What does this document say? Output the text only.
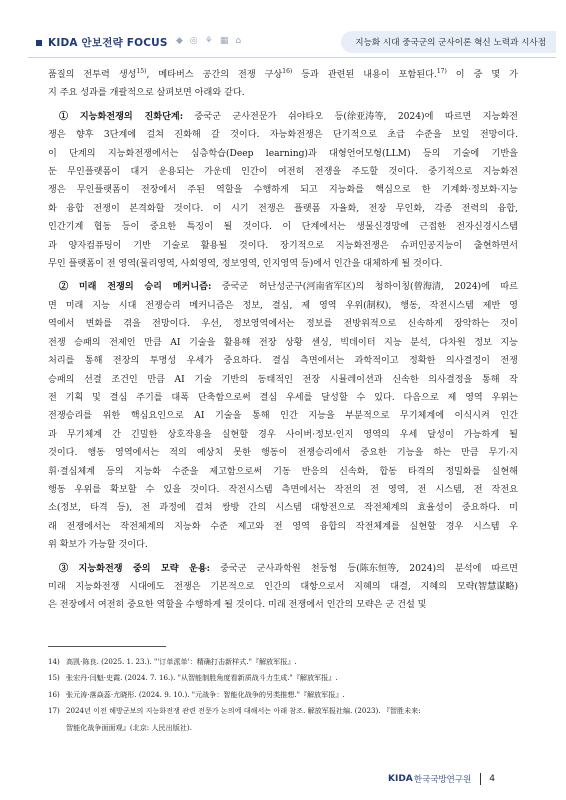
KIDA 안보전략 FOCUS ◆ ◎ ⚘ ▦ ⌂	지능화 시대 중국군의 군사이론 혁신 노력과 시사점
품질의 전투력 생성$^{15)}$, 메타버스 공간의 전쟁 구상$^{16)}$ 등과 관련된 내용이 포함된다.$^{17)}$ 이 중 몇 가
지 주요 성과를 개괄적으로 살펴보면 아래와 같다.
① 지능화전쟁의 진화단계: 중국군 군사전문가 쉬야타오 등(徐亚涛等, 2024)에 따르면 지능화전
쟁은 향후 3단계에 걸쳐 진화해 갈 것이다. 자능화전쟁은 단기적으로 초급 수준을 보일 전망이다.
이 단계의 지능화전쟁에서는 심층학습(Deep learning)과 대형언어모형(LLM) 등의 기술에 기반을
둔 무인플랫폼이 대거 운용되는 가운데 인간이 여전히 전쟁을 주도할 것이다. 중기적으로 지능화전
쟁은 무인플랫폼이 전장에서 주된 역할을 수행하게 되고 지능화를 핵심으로 한 기계화·정보화·지능
화 융합 전쟁이 본격화할 것이다. 이 시기 전쟁은 플랫폼 자율화, 전장 무인화, 각종 전력의 융합,
인간기계 협동 등이 중요한 특징이 될 것이다. 이 단계에서는 생물신경망에 근접한 전자신경시스템
과 양자컴퓨팅이 기반 기술로 활용될 것이다. 장기적으로 지능화전쟁은 슈퍼인공지능이 출현하면서
무인 플랫폼이 전 영역(물리영역, 사회영역, 정보영역, 인지영역 등)에서 인간을 대체하게 될 것이다.
② 미래 전쟁의 승리 메커니즘: 중국군 허난성군구(河南省军区)의 청하이칭(曾海清, 2024)에 따르
면 미래 지능 시대 전쟁승리 메커니즘은 정보, 결심, 제 영역 우위(制权), 행동, 작전시스템 제반 영
역에서 변화를 겪을 전망이다. 우선, 정보영역에서는 정보를 전방위적으로 신속하게 장악하는 것이
전쟁 승패의 전제인 만큼 AI 기술을 활용해 전장 상황 센싱, 빅데이터 지능 분석, 다차원 정보 지능
처리를 통해 전장의 투명성 우세가 중요하다. 결심 측면에서는 과학적이고 정확한 의사결정이 전쟁
승패의 선결 조건인 만큼 AI 기술 기반의 동태적인 전장 시뮬레이션과 신속한 의사결정을 통해 작
전 기획 및 결심 주기를 대폭 단축함으로써 결심 우세를 달성할 수 있다. 다음으로 제 영역 우위는
전쟁승리를 위한 핵심요인으로 AI 기술을 통해 인간 지능을 부분적으로 무기체계에 이식시켜 인간
과 무기체계 간 긴밀한 상호작용을 실현할 경우 사이버·정보·인지 영역의 우세 달성이 가능하게 될
것이다. 행동 영역에서는 적의 예상치 못한 행동이 전쟁승리에서 중요한 기능을 하는 만큼 무기·지
휘·결심체계 등의 지능화 수준을 제고함으로써 기동 반응의 신속화, 합동 타격의 정밀화를 실현해
행동 우위를 확보할 수 있을 것이다. 작전시스템 측면에서는 작전의 전 영역, 전 시스템, 전 작전요
소(정보, 타격 등), 전 과정에 걸쳐 쌍방 간의 시스템 대항전으로 작전체계의 효율성이 중요하다. 미
래 전쟁에서는 작전체계의 지능화 수준 제고와 전 영역 융합의 작전체계를 실현할 경우 시스템 우
위 확보가 가능할 것이다.
③ 지능화전쟁 중의 모략 운용: 중국군 군사과학원 천둥헝 등(陈东恒等, 2024)의 분석에 따르면
미래 지능화전쟁 시대에도 전쟁은 기본적으로 인간의 대항으로서 지혜의 대결, 지혜의 모략(智慧谋略)
은 전장에서 여전히 중요한 역할을 수행하게 될 것이다. 미래 전쟁에서 인간의 모략은 군 건설 및
14) 高凯·陈良. (2025. 1. 23.). "'订单派单'：精确打击新样式."『解放军报』.
15) 张宏丹·闫魁·史霞. (2024. 7. 16.). "从智能制胜角度看新质战斗力生成."『解放军报』.
16) 张元涛·落焱蕊·尤晓彤. (2024. 9. 10.). "元战争：智能化战争的另类推想."『解放军报』.
17) 2024년 이전 해방군보의 지능화전쟁 관련 전문가 논의에 대해서는 아래 참조. 解放军报社编. (2023). 『智胜未来:
智能化战争面面观』(北京: 人民出版社).
KIDA 한국국방연구원 4
